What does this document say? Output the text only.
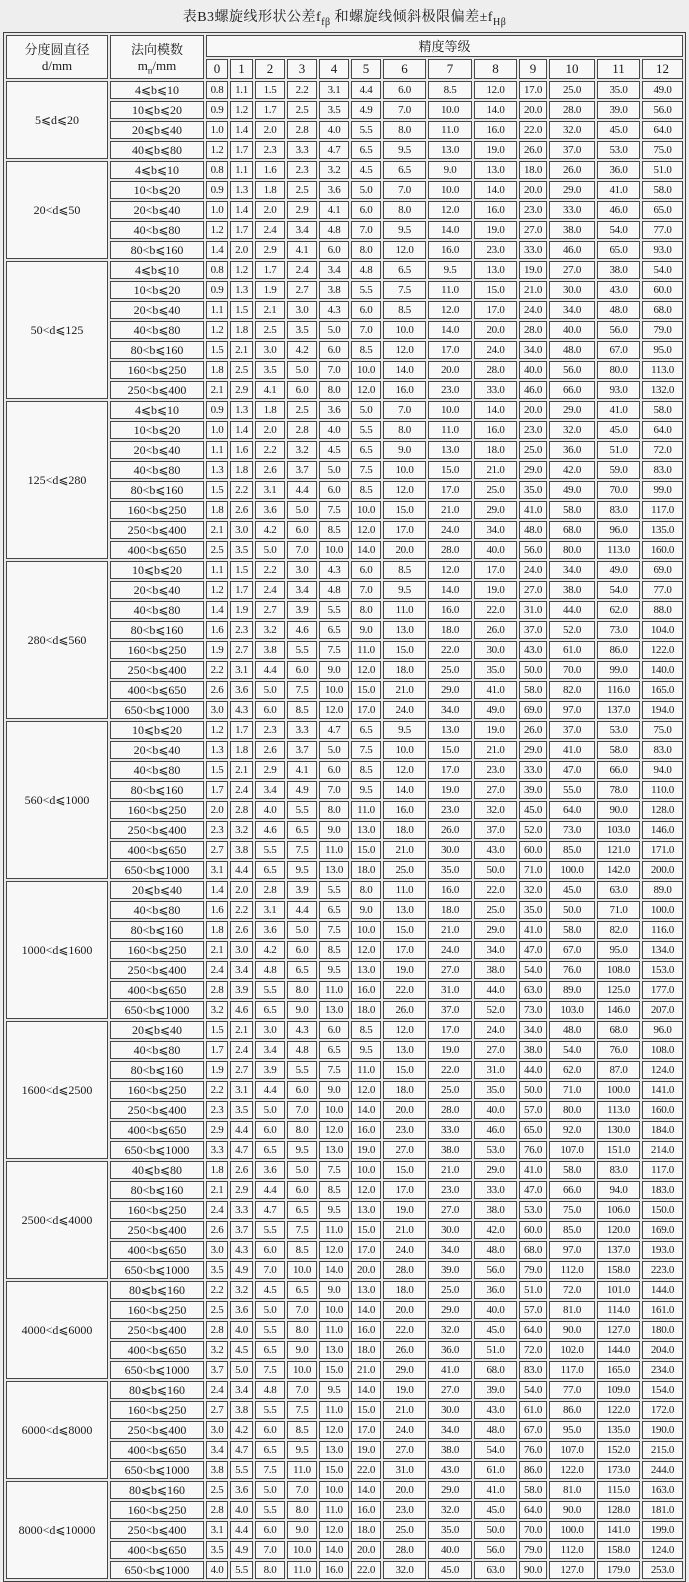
表B3螺旋线形状公差$f_{f\beta}$ 和螺旋线倾斜极限偏差$\pm f_{H\beta}$
分度圆直径
d/mm

法向模数
$m_n/mm$
	精度等级
		0	1	2	3	4	5	6	7	8	9	10	11	12
5⩽d⩽20	4⩽b⩽10	0.8	1.1	1.5	2.2	3.1	4.4	6.0	8.5	12.0	17.0	25.0	35.0	49.0
	10⩽b⩽20	0.9	1.2	1.7	2.5	3.5	4.9	7.0	10.0	14.0	20.0	28.0	39.0	56.0
	20⩽b⩽40	1.0	1.4	2.0	2.8	4.0	5.5	8.0	11.0	16.0	22.0	32.0	45.0	64.0
	40⩽b⩽80	1.2	1.7	2.3	3.3	4.7	6.5	9.5	13.0	19.0	26.0	37.0	53.0	75.0
20<d⩽50	4⩽b⩽10	0.8	1.1	1.6	2.3	3.2	4.5	6.5	9.0	13.0	18.0	26.0	36.0	51.0
	10<b⩽20	0.9	1.3	1.8	2.5	3.6	5.0	7.0	10.0	14.0	20.0	29.0	41.0	58.0
	20<b⩽40	1.0	1.4	2.0	2.9	4.1	6.0	8.0	12.0	16.0	23.0	33.0	46.0	65.0
	40<b⩽80	1.2	1.7	2.4	3.4	4.8	7.0	9.5	14.0	19.0	27.0	38.0	54.0	77.0
	80<b⩽160	1.4	2.0	2.9	4.1	6.0	8.0	12.0	16.0	23.0	33.0	46.0	65.0	93.0
50<d⩽125	4⩽b⩽10	0.8	1.2	1.7	2.4	3.4	4.8	6.5	9.5	13.0	19.0	27.0	38.0	54.0
	10<b⩽20	0.9	1.3	1.9	2.7	3.8	5.5	7.5	11.0	15.0	21.0	30.0	43.0	60.0
	20<b⩽40	1.1	1.5	2.1	3.0	4.3	6.0	8.5	12.0	17.0	24.0	34.0	48.0	68.0
	40<b⩽80	1.2	1.8	2.5	3.5	5.0	7.0	10.0	14.0	20.0	28.0	40.0	56.0	79.0
	80<b⩽160	1.5	2.1	3.0	4.2	6.0	8.5	12.0	17.0	24.0	34.0	48.0	67.0	95.0
	160<b⩽250	1.8	2.5	3.5	5.0	7.0	10.0	14.0	20.0	28.0	40.0	56.0	80.0	113.0
	250<b⩽400	2.1	2.9	4.1	6.0	8.0	12.0	16.0	23.0	33.0	46.0	66.0	93.0	132.0
125<d⩽280	4⩽b⩽10	0.9	1.3	1.8	2.5	3.6	5.0	7.0	10.0	14.0	20.0	29.0	41.0	58.0
	10<b⩽20	1.0	1.4	2.0	2.8	4.0	5.5	8.0	11.0	16.0	23.0	32.0	45.0	64.0
	20<b⩽40	1.1	1.6	2.2	3.2	4.5	6.5	9.0	13.0	18.0	25.0	36.0	51.0	72.0
	40<b⩽80	1.3	1.8	2.6	3.7	5.0	7.5	10.0	15.0	21.0	29.0	42.0	59.0	83.0
	80<b⩽160	1.5	2.2	3.1	4.4	6.0	8.5	12.0	17.0	25.0	35.0	49.0	70.0	99.0
	160<b⩽250	1.8	2.6	3.6	5.0	7.5	10.0	15.0	21.0	29.0	41.0	58.0	83.0	117.0
	250<b⩽400	2.1	3.0	4.2	6.0	8.5	12.0	17.0	24.0	34.0	48.0	68.0	96.0	135.0
	400<b⩽650	2.5	3.5	5.0	7.0	10.0	14.0	20.0	28.0	40.0	56.0	80.0	113.0	160.0
280<d⩽560	10⩽b⩽20	1.1	1.5	2.2	3.0	4.3	6.0	8.5	12.0	17.0	24.0	34.0	49.0	69.0
	20<b⩽40	1.2	1.7	2.4	3.4	4.8	7.0	9.5	14.0	19.0	27.0	38.0	54.0	77.0
	40<b⩽80	1.4	1.9	2.7	3.9	5.5	8.0	11.0	16.0	22.0	31.0	44.0	62.0	88.0
	80<b⩽160	1.6	2.3	3.2	4.6	6.5	9.0	13.0	18.0	26.0	37.0	52.0	73.0	104.0
	160<b⩽250	1.9	2.7	3.8	5.5	7.5	11.0	15.0	22.0	30.0	43.0	61.0	86.0	122.0
	250<b⩽400	2.2	3.1	4.4	6.0	9.0	12.0	18.0	25.0	35.0	50.0	70.0	99.0	140.0
	400<b⩽650	2.6	3.6	5.0	7.5	10.0	15.0	21.0	29.0	41.0	58.0	82.0	116.0	165.0
	650<b⩽1000	3.0	4.3	6.0	8.5	12.0	17.0	24.0	34.0	49.0	69.0	97.0	137.0	194.0
560<d⩽1000	10⩽b⩽20	1.2	1.7	2.3	3.3	4.7	6.5	9.5	13.0	19.0	26.0	37.0	53.0	75.0
	20<b⩽40	1.3	1.8	2.6	3.7	5.0	7.5	10.0	15.0	21.0	29.0	41.0	58.0	83.0
	40<b⩽80	1.5	2.1	2.9	4.1	6.0	8.5	12.0	17.0	23.0	33.0	47.0	66.0	94.0
	80<b⩽160	1.7	2.4	3.4	4.9	7.0	9.5	14.0	19.0	27.0	39.0	55.0	78.0	110.0
	160<b⩽250	2.0	2.8	4.0	5.5	8.0	11.0	16.0	23.0	32.0	45.0	64.0	90.0	128.0
	250<b⩽400	2.3	3.2	4.6	6.5	9.0	13.0	18.0	26.0	37.0	52.0	73.0	103.0	146.0
	400<b⩽650	2.7	3.8	5.5	7.5	11.0	15.0	21.0	30.0	43.0	60.0	85.0	121.0	171.0
	650<b⩽1000	3.1	4.4	6.5	9.5	13.0	18.0	25.0	35.0	50.0	71.0	100.0	142.0	200.0
1000<d⩽1600	20⩽b⩽40	1.4	2.0	2.8	3.9	5.5	8.0	11.0	16.0	22.0	32.0	45.0	63.0	89.0
	40<b⩽80	1.6	2.2	3.1	4.4	6.5	9.0	13.0	18.0	25.0	35.0	50.0	71.0	100.0
	80<b⩽160	1.8	2.6	3.6	5.0	7.5	10.0	15.0	21.0	29.0	41.0	58.0	82.0	116.0
	160<b⩽250	2.1	3.0	4.2	6.0	8.5	12.0	17.0	24.0	34.0	47.0	67.0	95.0	134.0
	250<b⩽400	2.4	3.4	4.8	6.5	9.5	13.0	19.0	27.0	38.0	54.0	76.0	108.0	153.0
	400<b⩽650	2.8	3.9	5.5	8.0	11.0	16.0	22.0	31.0	44.0	63.0	89.0	125.0	177.0
	650<b⩽1000	3.2	4.6	6.5	9.0	13.0	18.0	26.0	37.0	52.0	73.0	103.0	146.0	207.0
1600<d⩽2500	20⩽b⩽40	1.5	2.1	3.0	4.3	6.0	8.5	12.0	17.0	24.0	34.0	48.0	68.0	96.0
	40<b⩽80	1.7	2.4	3.4	4.8	6.5	9.5	13.0	19.0	27.0	38.0	54.0	76.0	108.0
	80<b⩽160	1.9	2.7	3.9	5.5	7.5	11.0	15.0	22.0	31.0	44.0	62.0	87.0	124.0
	160<b⩽250	2.2	3.1	4.4	6.0	9.0	12.0	18.0	25.0	35.0	50.0	71.0	100.0	141.0
	250<b⩽400	2.3	3.5	5.0	7.0	10.0	14.0	20.0	28.0	40.0	57.0	80.0	113.0	160.0
	400<b⩽650	2.9	4.4	6.0	8.0	12.0	16.0	23.0	33.0	46.0	65.0	92.0	130.0	184.0
	650<b⩽1000	3.3	4.7	6.5	9.5	13.0	19.0	27.0	38.0	53.0	76.0	107.0	151.0	214.0
2500<d⩽4000	40⩽b⩽80	1.8	2.6	3.6	5.0	7.5	10.0	15.0	21.0	29.0	41.0	58.0	83.0	117.0
	80<b⩽160	2.1	2.9	4.4	6.0	8.5	12.0	17.0	23.0	33.0	47.0	66.0	94.0	183.0
	160<b⩽250	2.4	3.3	4.7	6.5	9.5	13.0	19.0	27.0	38.0	53.0	75.0	106.0	150.0
	250<b⩽400	2.6	3.7	5.5	7.5	11.0	15.0	21.0	30.0	42.0	60.0	85.0	120.0	169.0
	400<b⩽650	3.0	4.3	6.0	8.5	12.0	17.0	24.0	34.0	48.0	68.0	97.0	137.0	193.0
	650<b⩽1000	3.5	4.9	7.0	10.0	14.0	20.0	28.0	39.0	56.0	79.0	112.0	158.0	223.0
4000<d⩽6000	80⩽b⩽160	2.2	3.2	4.5	6.5	9.0	13.0	18.0	25.0	36.0	51.0	72.0	101.0	144.0
	160<b⩽250	2.5	3.6	5.0	7.0	10.0	14.0	20.0	29.0	40.0	57.0	81.0	114.0	161.0
	250<b⩽400	2.8	4.0	5.5	8.0	11.0	16.0	22.0	32.0	45.0	64.0	90.0	127.0	180.0
	400<b⩽650	3.2	4.5	6.5	9.0	13.0	18.0	26.0	36.0	51.0	72.0	102.0	144.0	204.0
	650<b⩽1000	3.7	5.0	7.5	10.0	15.0	21.0	29.0	41.0	68.0	83.0	117.0	165.0	234.0
6000<d⩽8000	80⩽b⩽160	2.4	3.4	4.8	7.0	9.5	14.0	19.0	27.0	39.0	54.0	77.0	109.0	154.0
	160<b⩽250	2.7	3.8	5.5	7.5	11.0	15.0	21.0	30.0	43.0	61.0	86.0	122.0	172.0
	250<b⩽400	3.0	4.2	6.0	8.5	12.0	17.0	24.0	34.0	48.0	67.0	95.0	135.0	190.0
	400<b⩽650	3.4	4.7	6.5	9.5	13.0	19.0	27.0	38.0	54.0	76.0	107.0	152.0	215.0
	650<b⩽1000	3.8	5.5	7.5	11.0	15.0	22.0	31.0	43.0	61.0	86.0	122.0	173.0	244.0
8000<d⩽10000	80⩽b⩽160	2.5	3.6	5.0	7.0	10.0	14.0	20.0	29.0	41.0	58.0	81.0	115.0	163.0
	160<b⩽250	2.8	4.0	5.5	8.0	11.0	16.0	23.0	32.0	45.0	64.0	90.0	128.0	181.0
	250<b⩽400	3.1	4.4	6.0	9.0	12.0	18.0	25.0	35.0	50.0	70.0	100.0	141.0	199.0
	400<b⩽650	3.5	4.9	7.0	10.0	14.0	20.0	28.0	40.0	56.0	79.0	112.0	158.0	124.0
	650<b⩽1000	4.0	5.5	8.0	11.0	16.0	22.0	32.0	45.0	63.0	90.0	127.0	179.0	253.0
